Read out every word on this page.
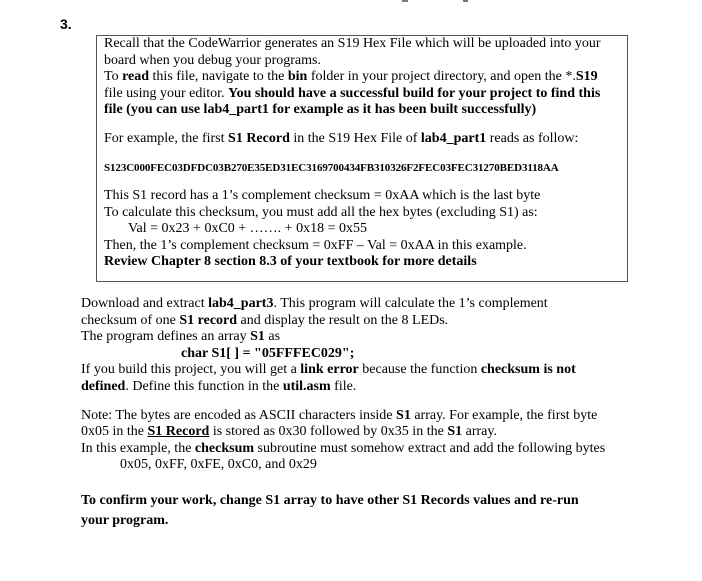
3.

Recall that the CodeWarrior generates an S19 Hex File which will be uploaded into your

board when you debug your programs.

To read this file, navigate to the bin folder in your project directory, and open the *.S19

file using your editor. You should have a successful build for your project to find this

file (you can use lab4_part1 for example as it has been built successfully)

For example, the first S1 Record in the S19 Hex File of lab4_part1 reads as follow:

S123C000FEC03DFDC03B270E35ED31EC3169700434FB310326F2FEC03FEC31270BED3118AA

This S1 record has a 1’s complement checksum = 0xAA which is the last byte

To calculate this checksum, you must add all the hex bytes (excluding S1) as:

Val = 0x23 + 0xC0 + ……. + 0x18 = 0x55

Then, the 1’s complement checksum = 0xFF – Val = 0xAA in this example.

Review Chapter 8 section 8.3 of your textbook for more details

Download and extract lab4_part3. This program will calculate the 1’s complement

checksum of one S1 record and display the result on the 8 LEDs.

The program defines an array S1 as

char S1[ ] = "05FFFEC029";

If you build this project, you will get a link error because the function checksum is not

defined. Define this function in the util.asm file.

Note: The bytes are encoded as ASCII characters inside S1 array. For example, the first byte

0x05 in the S1 Record is stored as 0x30 followed by 0x35 in the S1 array.

In this example, the checksum subroutine must somehow extract and add the following bytes

0x05, 0xFF, 0xFE, 0xC0, and 0x29

To confirm your work, change S1 array to have other S1 Records values and re-run

your program.
